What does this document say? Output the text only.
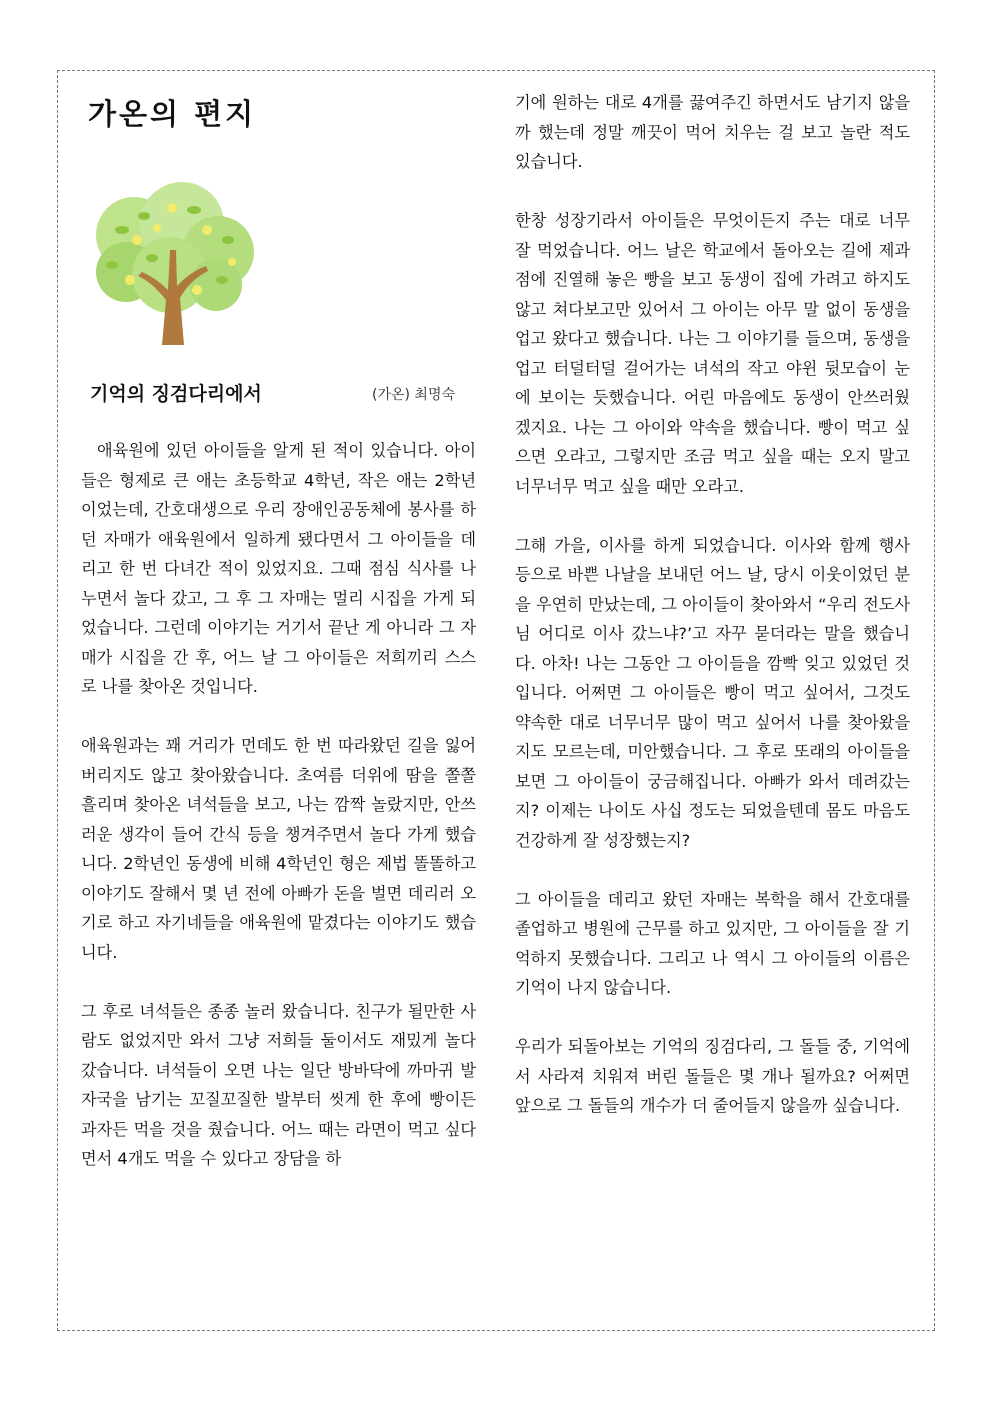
가온의 편지
기억의 징검다리에서	(가온) 최명숙

애육원에 있던 아이들을 알게 된 적이 있습니다. 아이들은 형제로 큰 애는 초등학교 4학년, 작은 애는 2학년이었는데, 간호대생으로 우리 장애인공동체에 봉사를 하던 자매가 애육원에서 일하게 됐다면서 그 아이들을 데리고 한 번 다녀간 적이 있었지요. 그때 점심 식사를 나누면서 놀다 갔고, 그 후 그 자매는 멀리 시집을 가게 되었습니다. 그런데 이야기는 거기서 끝난 게 아니라 그 자매가 시집을 간 후, 어느 날 그 아이들은 저희끼리 스스로 나를 찾아온 것입니다.

애육원과는 꽤 거리가 먼데도 한 번 따라왔던 길을 잃어버리지도 않고 찾아왔습니다. 초여름 더위에 땀을 쫄쫄 흘리며 찾아온 녀석들을 보고, 나는 깜짝 놀랐지만, 안쓰러운 생각이 들어 간식 등을 챙겨주면서 놀다 가게 했습니다. 2학년인 동생에 비해 4학년인 형은 제법 똘똘하고 이야기도 잘해서 몇 년 전에 아빠가 돈을 벌면 데리러 오기로 하고 자기네들을 애육원에 맡겼다는 이야기도 했습니다.

그 후로 녀석들은 종종 놀러 왔습니다. 친구가 될만한 사람도 없었지만 와서 그냥 저희들 둘이서도 재밌게 놀다 갔습니다. 녀석들이 오면 나는 일단 방바닥에 까마귀 발자국을 남기는 꼬질꼬질한 발부터 씻게 한 후에 빵이든 과자든 먹을 것을 줬습니다. 어느 때는 라면이 먹고 싶다면서 4개도 먹을 수 있다고 장담을 하

기에 원하는 대로 4개를 끓여주긴 하면서도 남기지 않을까 했는데 정말 깨끗이 먹어 치우는 걸 보고 놀란 적도 있습니다.

한창 성장기라서 아이들은 무엇이든지 주는 대로 너무 잘 먹었습니다. 어느 날은 학교에서 돌아오는 길에 제과점에 진열해 놓은 빵을 보고 동생이 집에 가려고 하지도 않고 쳐다보고만 있어서 그 아이는 아무 말 없이 동생을 업고 왔다고 했습니다. 나는 그 이야기를 들으며, 동생을 업고 터덜터덜 걸어가는 녀석의 작고 야윈 뒷모습이 눈에 보이는 듯했습니다. 어린 마음에도 동생이 안쓰러웠겠지요. 나는 그 아이와 약속을 했습니다. 빵이 먹고 싶으면 오라고, 그렇지만 조금 먹고 싶을 때는 오지 말고 너무너무 먹고 싶을 때만 오라고.

그해 가을, 이사를 하게 되었습니다. 이사와 함께 행사 등으로 바쁜 나날을 보내던 어느 날, 당시 이웃이었던 분을 우연히 만났는데, 그 아이들이 찾아와서 “우리 전도사님 어디로 이사 갔느냐?’고 자꾸 묻더라는 말을 했습니다. 아차! 나는 그동안 그 아이들을 깜빡 잊고 있었던 것입니다. 어쩌면 그 아이들은 빵이 먹고 싶어서, 그것도 약속한 대로 너무너무 많이 먹고 싶어서 나를 찾아왔을지도 모르는데, 미안했습니다. 그 후로 또래의 아이들을 보면 그 아이들이 궁금해집니다. 아빠가 와서 데려갔는지? 이제는 나이도 사십 정도는 되었을텐데 몸도 마음도 건강하게 잘 성장했는지?

그 아이들을 데리고 왔던 자매는 복학을 해서 간호대를 졸업하고 병원에 근무를 하고 있지만, 그 아이들을 잘 기억하지 못했습니다. 그리고 나 역시 그 아이들의 이름은 기억이 나지 않습니다.

우리가 되돌아보는 기억의 징검다리, 그 돌들 중, 기억에서 사라져 치워져 버린 돌들은 몇 개나 될까요? 어쩌면 앞으로 그 돌들의 개수가 더 줄어들지 않을까 싶습니다.
